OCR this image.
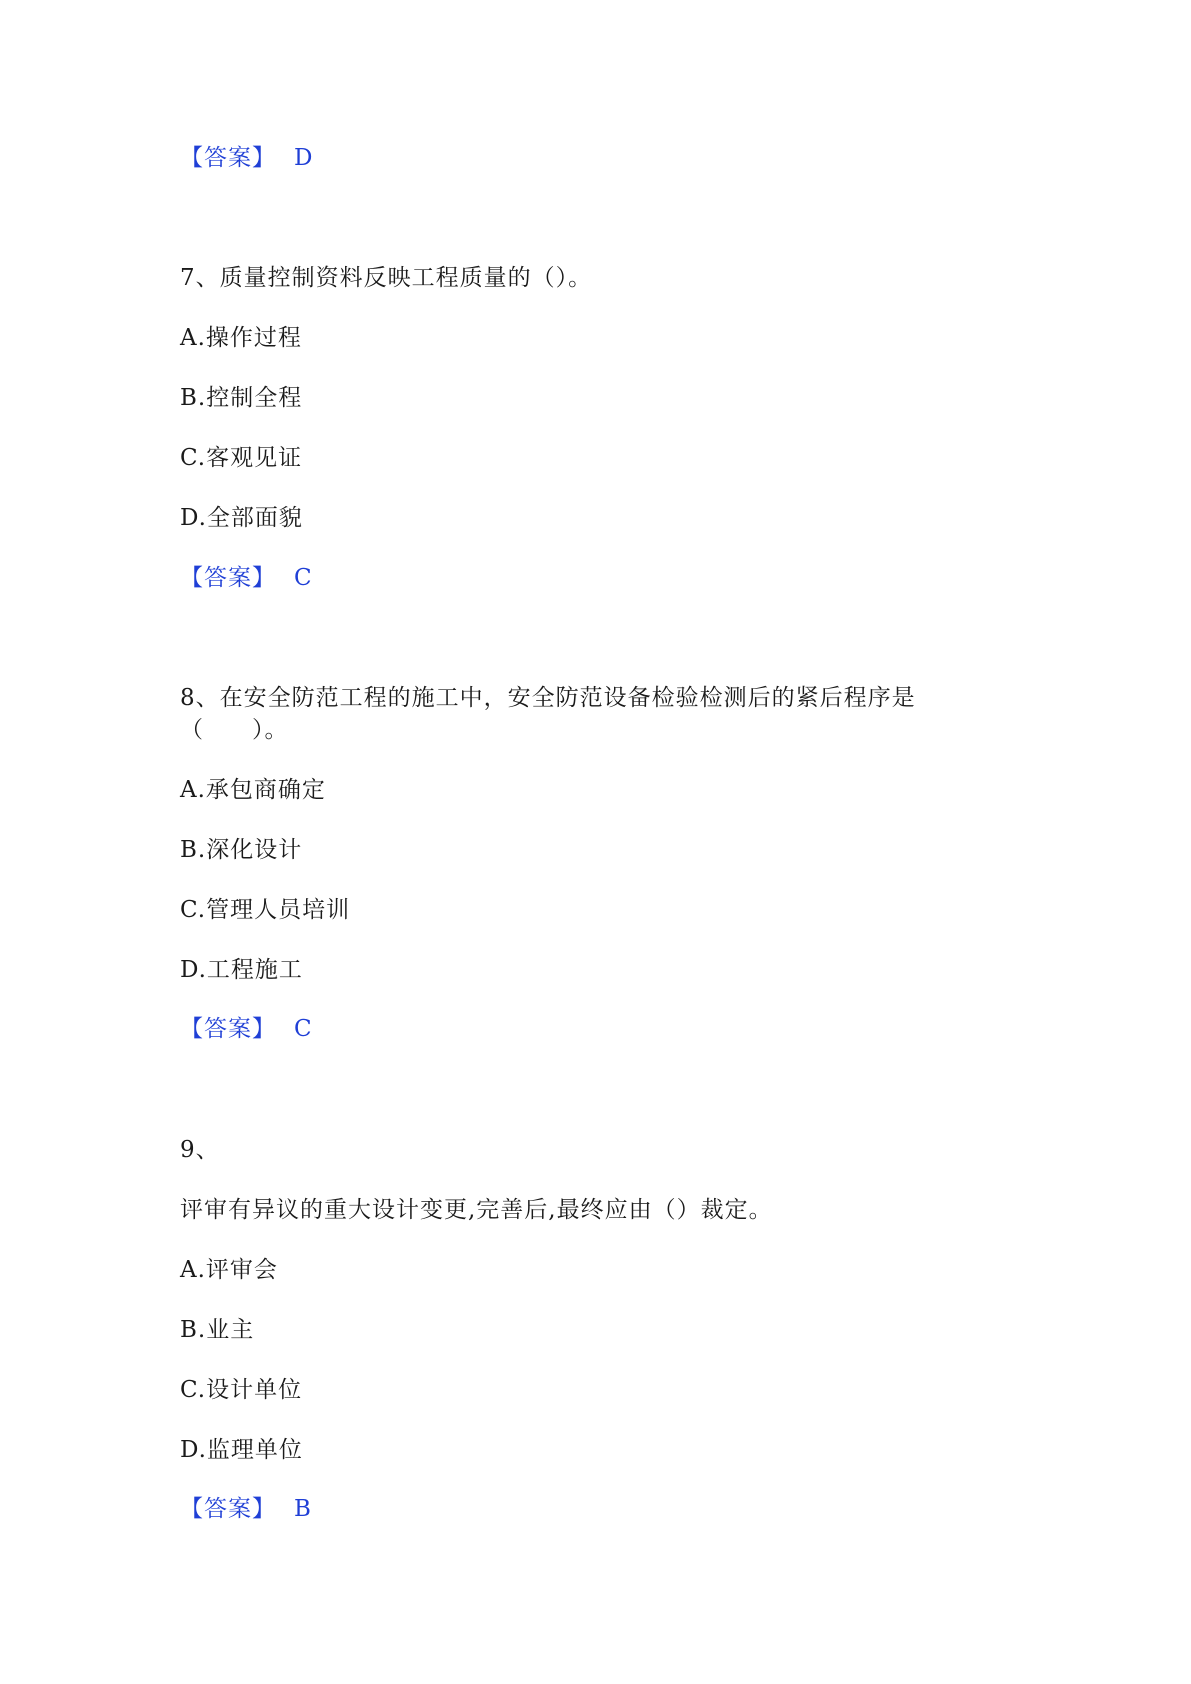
【答案】 D
7、质量控制资料反映工程质量的（）。
A.操作过程
B.控制全程
C.客观见证
D.全部面貌
【答案】 C
8、在安全防范工程的施工中，安全防范设备检验检测后的紧后程序是
（　　）。
A.承包商确定
B.深化设计
C.管理人员培训
D.工程施工
【答案】 C
9、
评审有异议的重大设计变更,完善后,最终应由（）裁定。
A.评审会
B.业主
C.设计单位
D.监理单位
【答案】 B
